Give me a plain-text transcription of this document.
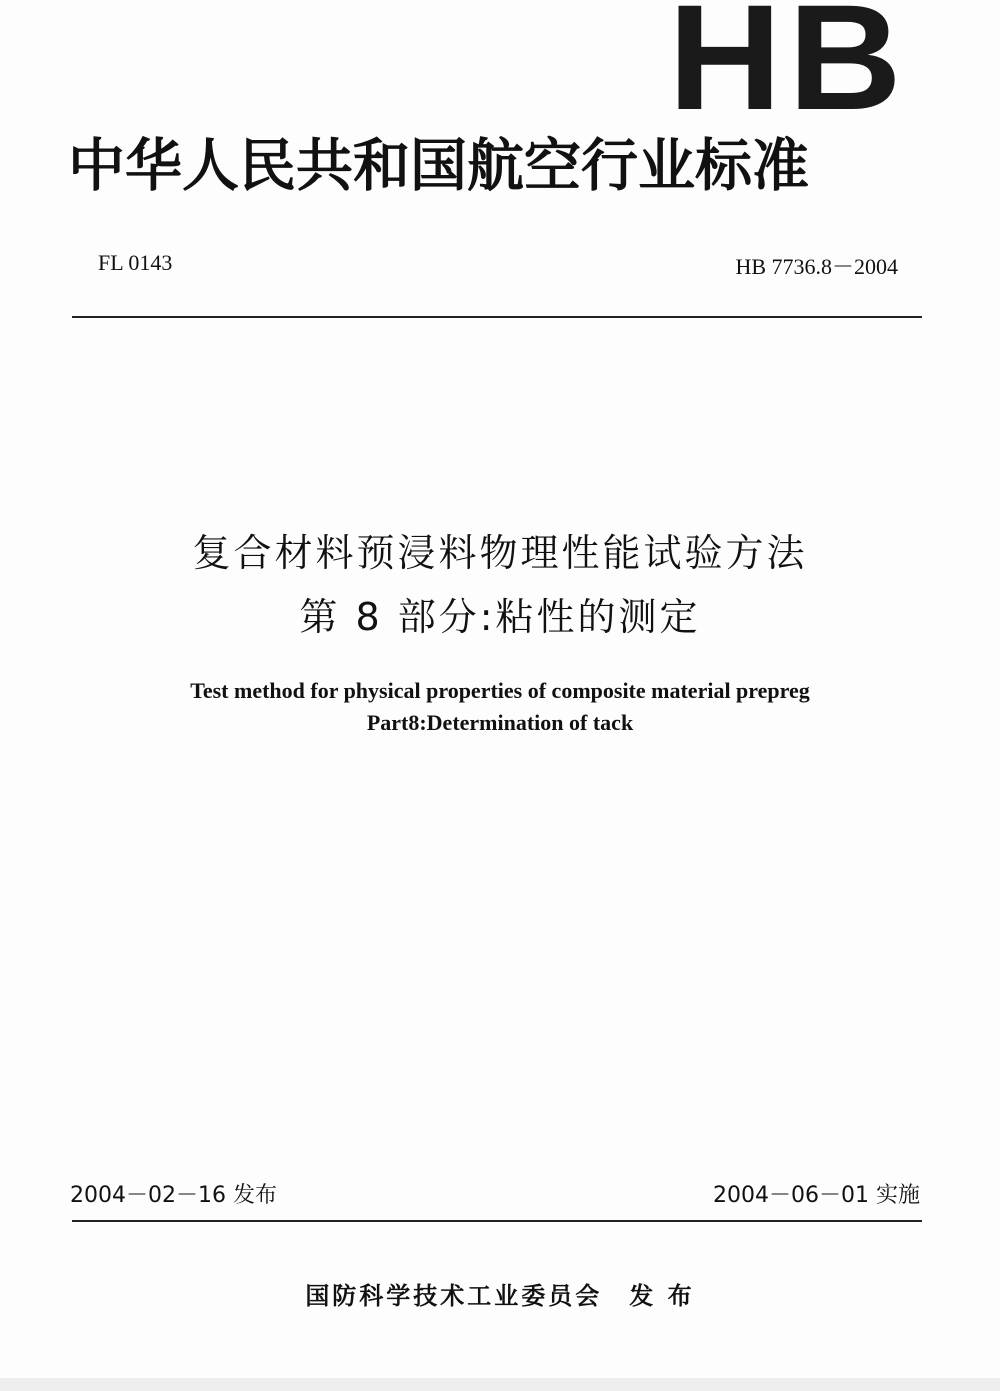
HB
中华人民共和国航空行业标准
FL 0143	HB 7736.8－2004
复合材料预浸料物理性能试验方法
第 8 部分:粘性的测定
Test method for physical properties of composite material prepreg
Part8:Determination of tack
2004－02－16 发布	2004－06－01 实施
国防科学技术工业委员会　发 布
